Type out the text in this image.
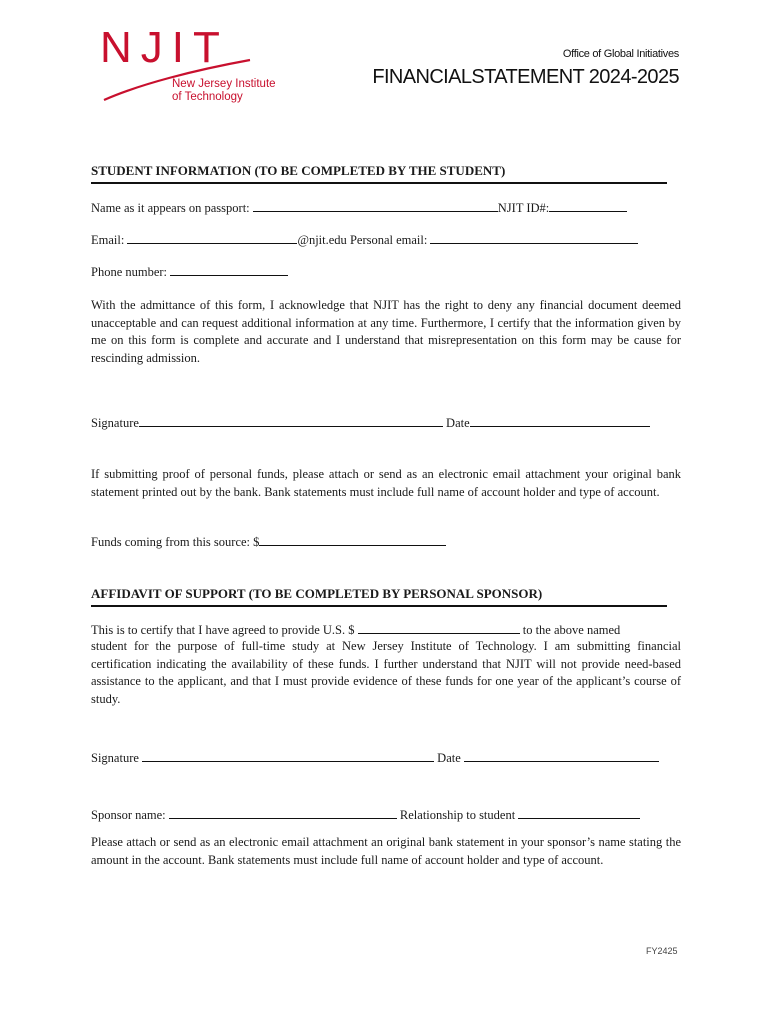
NJIT
New Jersey Institute
of Technology
Office of Global Initiatives
FINANCIALSTATEMENT 2024-2025
STUDENT INFORMATION (TO BE COMPLETED BY THE STUDENT)
Name as it appears on passport:	NJIT ID#:
Email:	@njit.edu Personal email:
Phone number:

With the admittance of this form, I acknowledge that NJIT has the right to deny any financial document deemed unacceptable and can request additional information at any time. Furthermore, I certify that the information given by me on this form is complete and accurate and I understand that misrepresentation on this form may be cause for rescinding admission.

Signature	Date

If submitting proof of personal funds, please attach or send as an electronic email attachment your original bank statement printed out by the bank. Bank statements must include full name of account holder and type of account.

Funds coming from this source: $
AFFIDAVIT OF SUPPORT (TO BE COMPLETED BY PERSONAL SPONSOR)
This is to certify that I have agreed to provide U.S. $	to the above named

student for the purpose of full-time study at New Jersey Institute of Technology. I am submitting financial certification indicating the availability of these funds. I further understand that NJIT will not provide need-based assistance to the applicant, and that I must provide evidence of these funds for one year of the applicant’s course of study.

Signature	Date
Sponsor name:	Relationship to student

Please attach or send as an electronic email attachment an original bank statement in your sponsor’s name stating the amount in the account. Bank statements must include full name of account holder and type of account.

FY2425
